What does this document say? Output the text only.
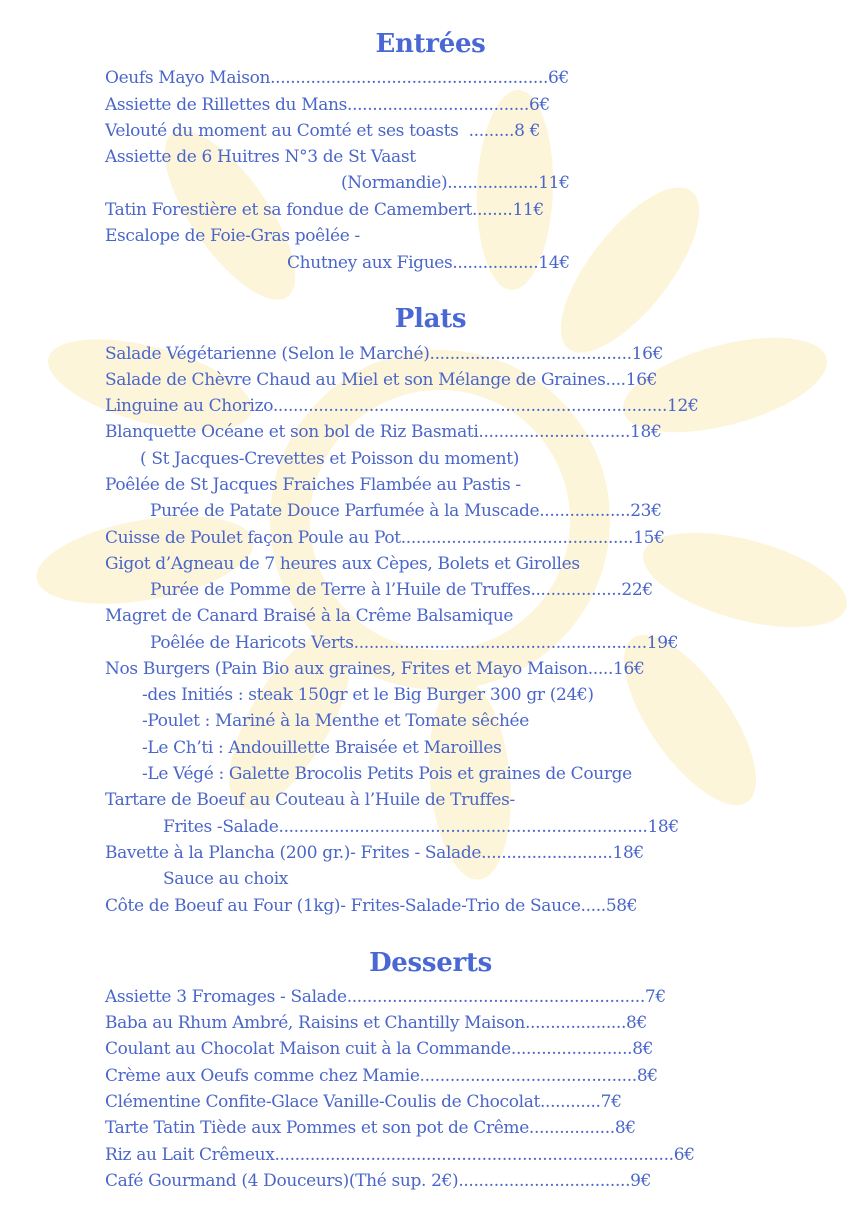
Entrées
Oeufs Mayo Maison.......................................................6€
Assiette de Rillettes du Mans....................................6€
Velouté du moment au Comté et ses toasts  .........8 €
Assiette de 6 Huitres N°3 de St Vaast
(Normandie)..................11€
Tatin Forestière et sa fondue de Camembert........11€
Escalope de Foie-Gras poêlée -
Chutney aux Figues.................14€
Plats
Salade Végétarienne (Selon le Marché)........................................16€
Salade de Chèvre Chaud au Miel et son Mélange de Graines....16€
Linguine au Chorizo..............................................................................12€
Blanquette Océane et son bol de Riz Basmati..............................18€
( St Jacques-Crevettes et Poisson du moment)
Poêlée de St Jacques Fraiches Flambée au Pastis -
Purée de Patate Douce Parfumée à la Muscade..................23€
Cuisse de Poulet façon Poule au Pot..............................................15€
Gigot d’Agneau de 7 heures aux Cèpes, Bolets et Girolles
Purée de Pomme de Terre à l’Huile de Truffes..................22€
Magret de Canard Braisé à la Crême Balsamique
Poêlée de Haricots Verts..........................................................19€
Nos Burgers (Pain Bio aux graines, Frites et Mayo Maison.....16€
-des Initiés : steak 150gr et le Big Burger 300 gr (24€)
-Poulet : Mariné à la Menthe et Tomate sêchée
-Le Ch’ti : Andouillette Braisée et Maroilles
-Le Végé : Galette Brocolis Petits Pois et graines de Courge
Tartare de Boeuf au Couteau à l’Huile de Truffes-
Frites -Salade.........................................................................18€
Bavette à la Plancha (200 gr.)- Frites - Salade..........................18€
Sauce au choix
Côte de Boeuf au Four (1kg)- Frites-Salade-Trio de Sauce.....58€
Desserts
Assiette 3 Fromages - Salade...........................................................7€
Baba au Rhum Ambré, Raisins et Chantilly Maison....................8€
Coulant au Chocolat Maison cuit à la Commande........................8€
Crème aux Oeufs comme chez Mamie...........................................8€
Clémentine Confite-Glace Vanille-Coulis de Chocolat............7€
Tarte Tatin Tiède aux Pommes et son pot de Crême.................8€
Riz au Lait Crêmeux...............................................................................6€
Café Gourmand (4 Douceurs)(Thé sup. 2€)..................................9€
